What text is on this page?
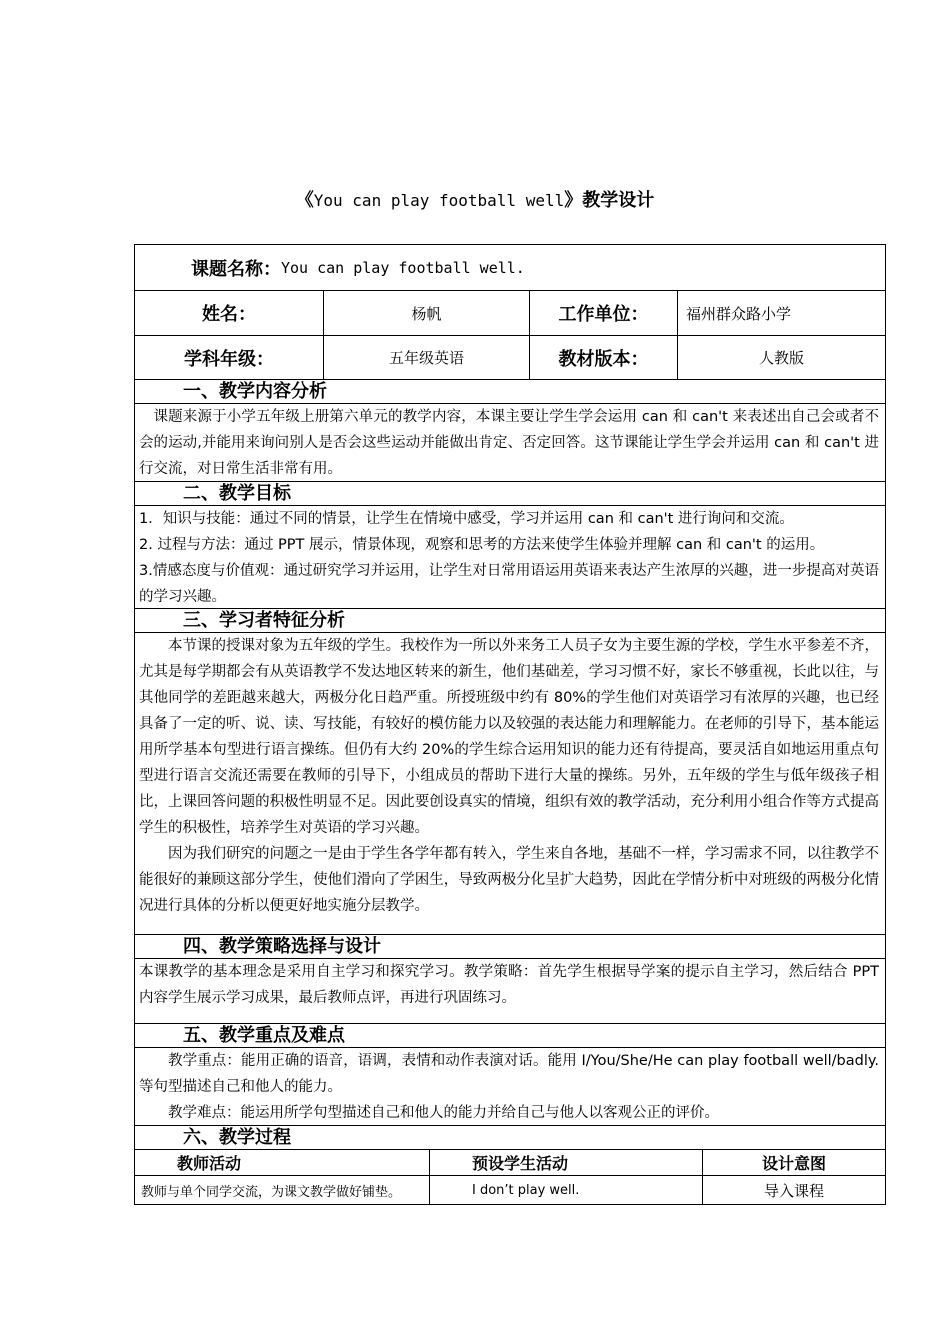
《You can play football well》教学设计
课题名称： You can play football well.
姓名：	杨帆	工作单位：	福州群众路小学
学科年级：	五年级英语	教材版本：	人教版
一、教学内容分析

课题来源于小学五年级上册第六单元的教学内容，本课主要让学生学会运用 can 和 can't 来表述出自己会或者不会的运动,并能用来询问别人是否会这些运动并能做出肯定、否定回答。这节课能让学生学会并运用 can 和 can't 进行交流，对日常生活非常有用。

二、教学目标

1．知识与技能：通过不同的情景，让学生在情境中感受，学习并运用 can 和 can't 进行询问和交流。

2. 过程与方法：通过 PPT 展示，情景体现，观察和思考的方法来使学生体验并理解 can 和 can't 的运用。

3.情感态度与价值观：通过研究学习并运用，让学生对日常用语运用英语来表达产生浓厚的兴趣，进一步提高对英语的学习兴趣。

三、学习者特征分析

本节课的授课对象为五年级的学生。我校作为一所以外来务工人员子女为主要生源的学校，学生水平参差不齐，尤其是每学期都会有从英语教学不发达地区转来的新生，他们基础差，学习习惯不好，家长不够重视，长此以往，与其他同学的差距越来越大，两极分化日趋严重。所授班级中约有 80%的学生他们对英语学习有浓厚的兴趣，也已经具备了一定的听、说、读、写技能，有较好的模仿能力以及较强的表达能力和理解能力。在老师的引导下，基本能运用所学基本句型进行语言操练。但仍有大约 20%的学生综合运用知识的能力还有待提高，要灵活自如地运用重点句型进行语言交流还需要在教师的引导下，小组成员的帮助下进行大量的操练。另外，五年级的学生与低年级孩子相比，上课回答问题的积极性明显不足。因此要创设真实的情境，组织有效的教学活动，充分利用小组合作等方式提高学生的积极性，培养学生对英语的学习兴趣。

因为我们研究的问题之一是由于学生各学年都有转入，学生来自各地，基础不一样，学习需求不同，以往教学不能很好的兼顾这部分学生，使他们滑向了学困生，导致两极分化呈扩大趋势，因此在学情分析中对班级的两极分化情况进行具体的分析以便更好地实施分层教学。

四、教学策略选择与设计

本课教学的基本理念是采用自主学习和探究学习。教学策略：首先学生根据导学案的提示自主学习，然后结合 PPT 内容学生展示学习成果，最后教师点评，再进行巩固练习。

五、教学重点及难点

教学重点：能用正确的语音，语调，表情和动作表演对话。能用 I/You/She/He can play football well/badly.等句型描述自己和他人的能力。

教学难点：能运用所学句型描述自己和他人的能力并给自己与他人以客观公正的评价。

六、教学过程
教师活动	预设学生活动	设计意图
教师与单个同学交流，为课文教学做好铺垫。	I don’t play well.	导入课程
